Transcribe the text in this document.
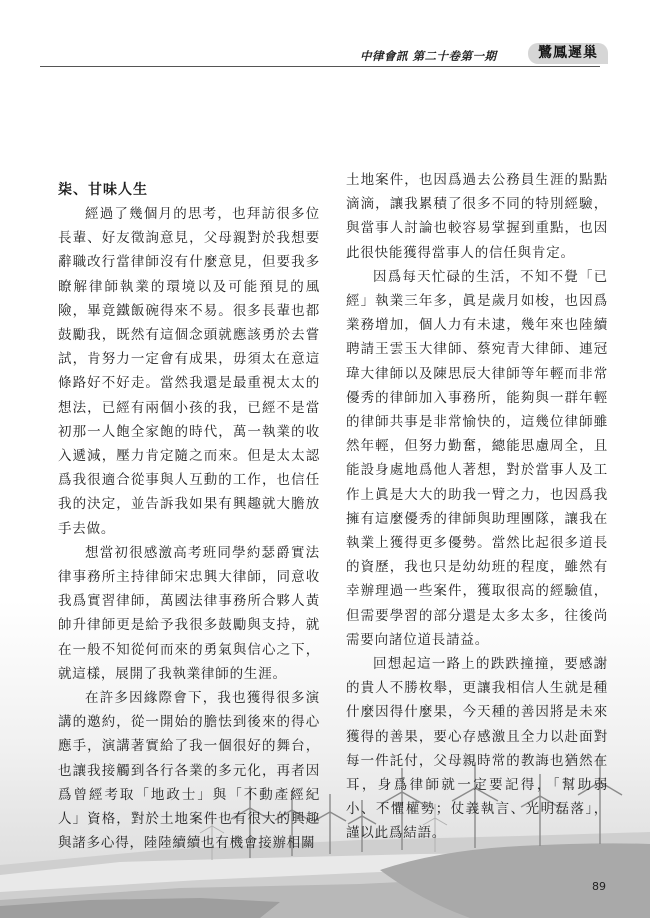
中律會訊 第二十卷第一期	鷺鳳遲巢
柒、甘味人生

經過了幾個月的思考，也拜訪很多位長輩、好友徵詢意見，父母親對於我想要辭職改行當律師沒有什麼意見，但要我多瞭解律師執業的環境以及可能預見的風險，畢竟鐵飯碗得來不易。很多長輩也都鼓勵我，既然有這個念頭就應該勇於去嘗試，肯努力一定會有成果，毋須太在意這條路好不好走。當然我還是最重視太太的想法，已經有兩個小孩的我，已經不是當初那一人飽全家飽的時代，萬一執業的收入遞減，壓力肯定隨之而來。但是太太認爲我很適合從事與人互動的工作，也信任我的決定，並告訴我如果有興趣就大膽放手去做。

想當初很感激高考班同學約瑟爵實法律事務所主持律師宋忠興大律師，同意收我爲實習律師，萬國法律事務所合夥人黃帥升律師更是給予我很多鼓勵與支持，就在一般不知從何而來的勇氣與信心之下，就這樣，展開了我執業律師的生涯。

在許多因緣際會下，我也獲得很多演講的邀約，從一開始的膽怯到後來的得心應手，演講著實給了我一個很好的舞台，也讓我接觸到各行各業的多元化，再者因爲曾經考取「地政士」與「不動產經紀人」資格，對於土地案件也有很大的興趣與諸多心得，陸陸續續也有機會接辦相關

土地案件，也因爲過去公務員生涯的點點滴滴，讓我累積了很多不同的特別經驗，與當事人討論也較容易掌握到重點，也因此很快能獲得當事人的信任與肯定。

因爲每天忙碌的生活，不知不覺「已經」執業三年多，眞是歲月如梭，也因爲業務增加，個人力有未逮，幾年來也陸續聘請王雲玉大律師、蔡宛青大律師、連冠瑋大律師以及陳思辰大律師等年輕而非常優秀的律師加入事務所，能夠與一群年輕的律師共事是非常愉快的，這幾位律師雖然年輕，但努力勤奮，總能思慮周全，且能設身處地爲他人著想，對於當事人及工作上眞是大大的助我一臂之力，也因爲我擁有這麼優秀的律師與助理團隊，讓我在執業上獲得更多優勢。當然比起很多道長的資歷，我也只是幼幼班的程度，雖然有幸辦理過一些案件，獲取很高的經驗值，但需要學習的部分還是太多太多，往後尚需要向諸位道長請益。

回想起這一路上的跌跌撞撞，要感謝的貴人不勝枚舉，更讓我相信人生就是種什麼因得什麼果，今天種的善因將是未來獲得的善果，要心存感激且全力以赴面對每一件託付，父母親時常的教誨也猶然在耳，身爲律師就一定要記得，「幫助弱小、不懼權勢；仗義執言、光明磊落」，謹以此爲結語。

89
